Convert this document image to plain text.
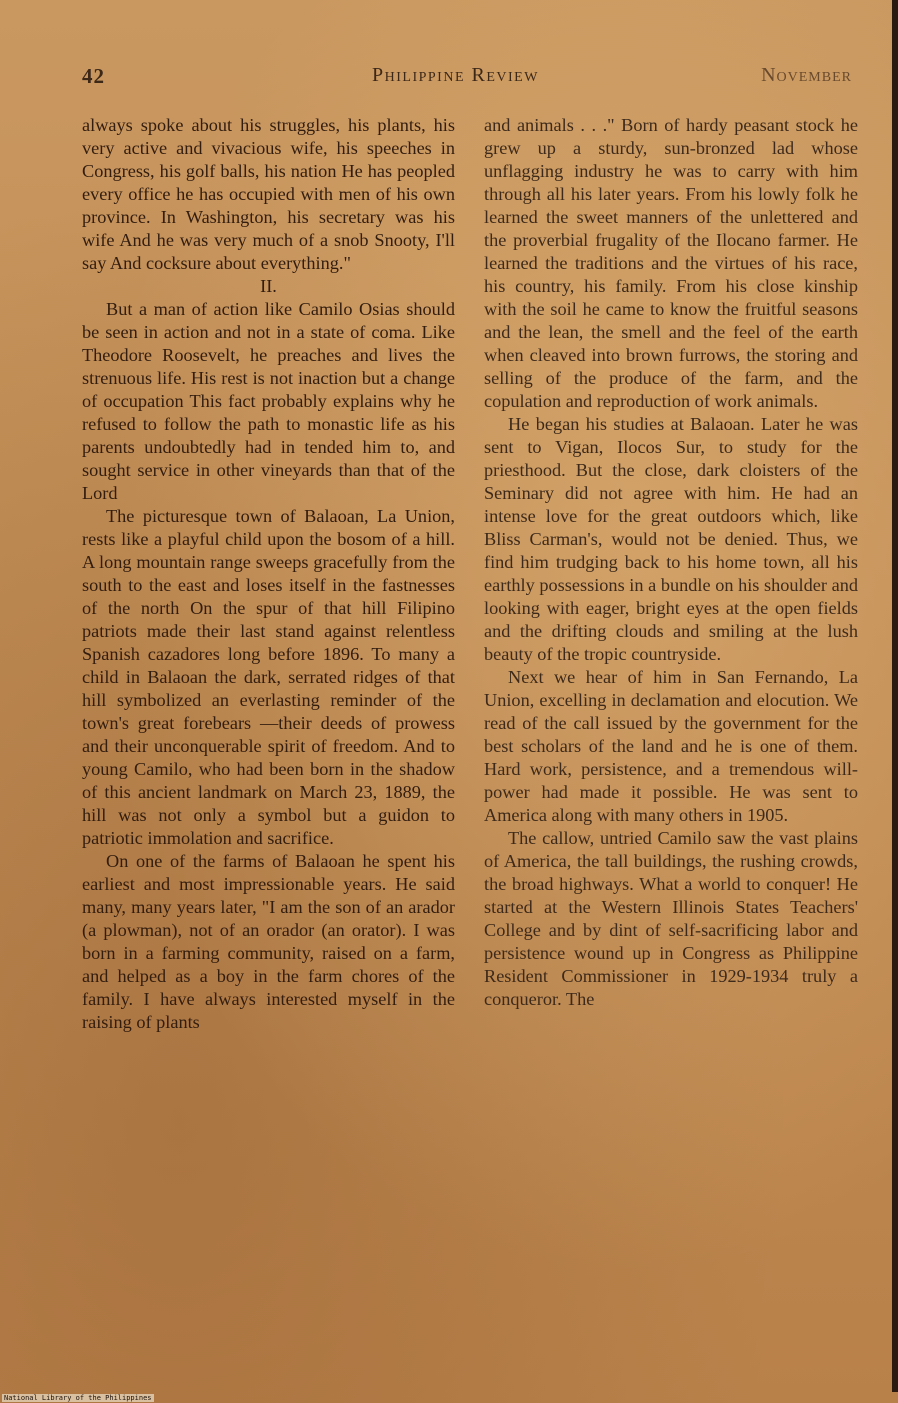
42	Philippine Review	November

always spoke about his struggles, his plants, his very active and vivacious wife, his speeches in Congress, his golf balls, his nation He has peopled every office he has occupied with men of his own province. In Washington, his secretary was his wife And he was very much of a snob Snooty, I'll say And cocksure about everything."

II.

But a man of action like Camilo Osias should be seen in action and not in a state of coma. Like Theodore Roosevelt, he preaches and lives the strenuous life. His rest is not inaction but a change of occupation This fact probably explains why he refused to follow the path to monastic life as his parents undoubtedly had in tended him to, and sought service in other vineyards than that of the Lord

The picturesque town of Balaoan, La Union, rests like a playful child upon the bosom of a hill. A long mountain range sweeps gracefully from the south to the east and loses itself in the fastnesses of the north On the spur of that hill Filipino patriots made their last stand against relentless Spanish cazadores long before 1896. To many a child in Balaoan the dark, serrated ridges of that hill symbolized an everlasting reminder of the town's great forebears —their deeds of prowess and their unconquerable spirit of freedom. And to young Camilo, who had been born in the shadow of this ancient landmark on March 23, 1889, the hill was not only a symbol but a guidon to patriotic immolation and sacrifice.

On one of the farms of Balaoan he spent his earliest and most impressionable years. He said many, many years later, "I am the son of an arador (a plowman), not of an orador (an orator). I was born in a farming community, raised on a farm, and helped as a boy in the farm chores of the family. I have always interested myself in the raising of plants

and animals . . ." Born of hardy peasant stock he grew up a sturdy, sun-bronzed lad whose unflagging industry he was to carry with him through all his later years. From his lowly folk he learned the sweet manners of the unlettered and the proverbial frugality of the Ilocano farmer. He learned the traditions and the virtues of his race, his country, his family. From his close kinship with the soil he came to know the fruitful seasons and the lean, the smell and the feel of the earth when cleaved into brown furrows, the storing and selling of the produce of the farm, and the copulation and reproduction of work animals.

He began his studies at Balaoan. Later he was sent to Vigan, Ilocos Sur, to study for the priesthood. But the close, dark cloisters of the Seminary did not agree with him. He had an intense love for the great outdoors which, like Bliss Carman's, would not be denied. Thus, we find him trudging back to his home town, all his earthly possessions in a bundle on his shoulder and looking with eager, bright eyes at the open fields and the drifting clouds and smiling at the lush beauty of the tropic countryside.

Next we hear of him in San Fernando, La Union, excelling in declamation and elocution. We read of the call issued by the government for the best scholars of the land and he is one of them. Hard work, persistence, and a tremendous will-power had made it possible. He was sent to America along with many others in 1905.

The callow, untried Camilo saw the vast plains of America, the tall buildings, the rushing crowds, the broad highways. What a world to conquer! He started at the Western Illinois States Teachers' College and by dint of self-sacrificing labor and persistence wound up in Congress as Philippine Resident Commissioner in 1929-1934 truly a conqueror. The

National Library of the Philippines
